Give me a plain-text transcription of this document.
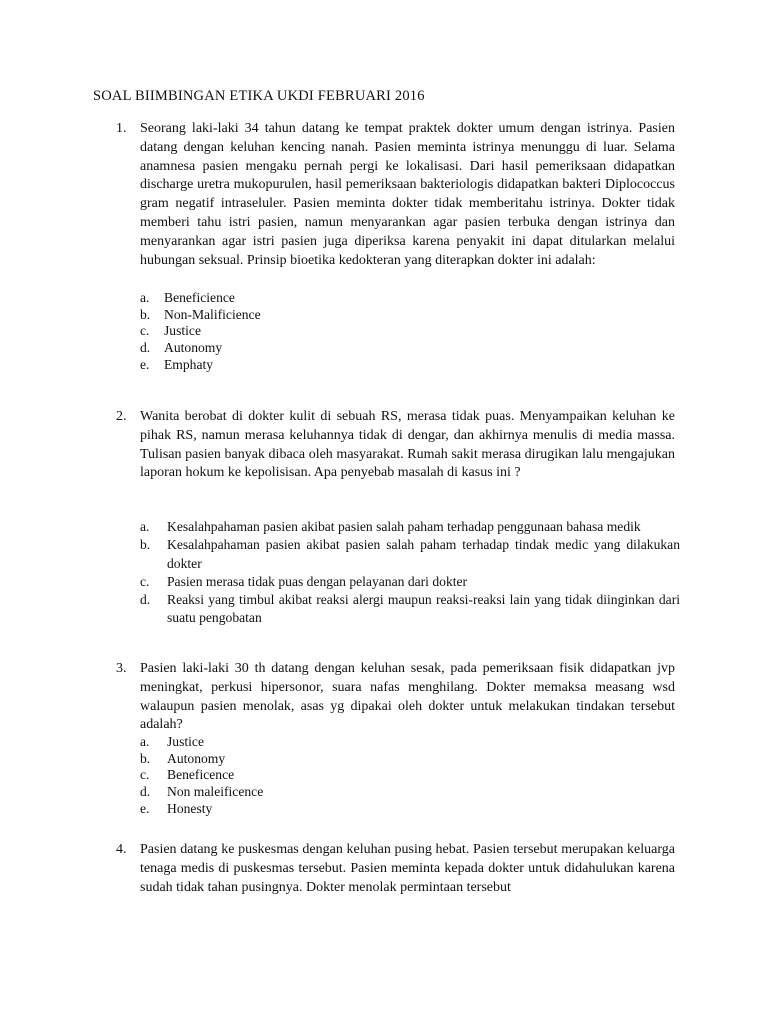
SOAL BIIMBINGAN ETIKA UKDI FEBRUARI 2016
1. Seorang laki-laki 34 tahun datang ke tempat praktek dokter umum dengan istrinya. Pasien datang dengan keluhan kencing nanah. Pasien meminta istrinya menunggu di luar. Selama anamnesa pasien mengaku pernah pergi ke lokalisasi. Dari hasil pemeriksaan didapatkan discharge uretra mukopurulen, hasil pemeriksaan bakteriologis didapatkan bakteri Diplococcus gram negatif intraseluler. Pasien meminta dokter tidak memberitahu istrinya. Dokter tidak memberi tahu istri pasien, namun menyarankan agar pasien terbuka dengan istrinya dan menyarankan agar istri pasien juga diperiksa karena penyakit ini dapat ditularkan melalui hubungan seksual. Prinsip bioetika kedokteran yang diterapkan dokter ini adalah:
a. Beneficience
b. Non-Malificience
c. Justice
d. Autonomy
e. Emphaty
2. Wanita berobat di dokter kulit di sebuah RS, merasa tidak puas. Menyampaikan keluhan ke pihak RS, namun merasa keluhannya tidak di dengar, dan akhirnya menulis di media massa. Tulisan pasien banyak dibaca oleh masyarakat. Rumah sakit merasa dirugikan lalu mengajukan laporan hokum ke kepolisisan. Apa penyebab masalah di kasus ini ?
a. Kesalahpahaman pasien akibat pasien salah paham terhadap penggunaan bahasa medik
b. Kesalahpahaman pasien akibat pasien salah paham terhadap tindak medic yang dilakukan dokter
c. Pasien merasa tidak puas dengan pelayanan dari dokter
d. Reaksi yang timbul akibat reaksi alergi maupun reaksi-reaksi lain yang tidak diinginkan dari suatu pengobatan
3. Pasien laki-laki 30 th datang dengan keluhan sesak, pada pemeriksaan fisik didapatkan jvp meningkat, perkusi hipersonor, suara nafas menghilang. Dokter memaksa measang wsd walaupun pasien menolak, asas yg dipakai oleh dokter untuk melakukan tindakan tersebut adalah?
a. Justice
b. Autonomy
c. Beneficence
d. Non maleificence
e. Honesty
4. Pasien datang ke puskesmas dengan keluhan pusing hebat. Pasien tersebut merupakan keluarga tenaga medis di puskesmas tersebut. Pasien meminta kepada dokter untuk didahulukan karena sudah tidak tahan pusingnya. Dokter menolak permintaan tersebut
